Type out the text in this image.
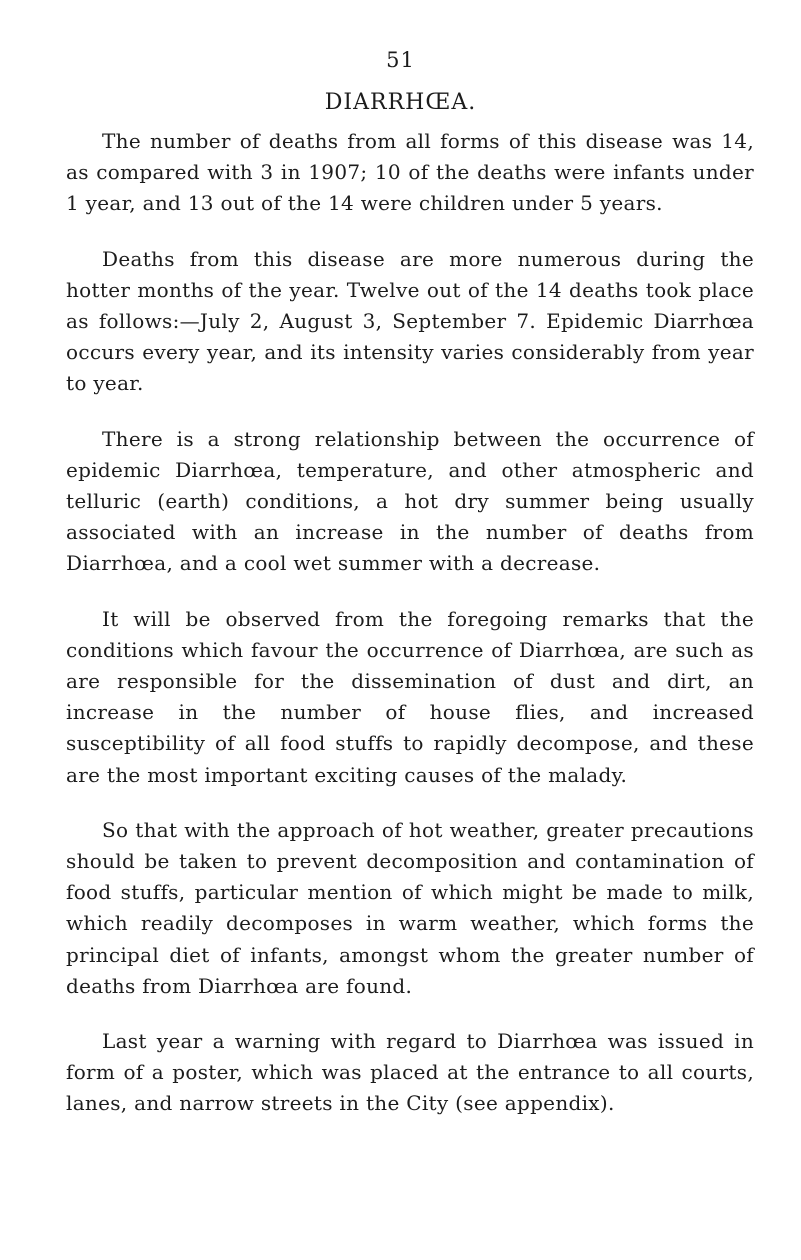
51
DIARRHŒA.

The number of deaths from all forms of this disease was 14, as compared with 3 in 1907; 10 of the deaths were infants under 1 year, and 13 out of the 14 were children under 5 years.

Deaths from this disease are more numerous during the hotter months of the year. Twelve out of the 14 deaths took place as follows:—July 2, August 3, September 7. Epidemic Diarrhœa occurs every year, and its intensity varies considerably from year to year.

There is a strong relationship between the occurrence of epidemic Diarrhœa, temperature, and other atmospheric and telluric (earth) conditions, a hot dry summer being usually associated with an increase in the number of deaths from Diarrhœa, and a cool wet summer with a decrease.

It will be observed from the foregoing remarks that the conditions which favour the occurrence of Diarrhœa, are such as are responsible for the dissemination of dust and dirt, an increase in the number of house flies, and increased susceptibility of all food stuffs to rapidly decompose, and these are the most important exciting causes of the malady.

So that with the approach of hot weather, greater precautions should be taken to prevent decomposition and contamination of food stuffs, particular mention of which might be made to milk, which readily decomposes in warm weather, which forms the principal diet of infants, amongst whom the greater number of deaths from Diarrhœa are found.

Last year a warning with regard to Diarrhœa was issued in form of a poster, which was placed at the entrance to all courts, lanes, and narrow streets in the City (see appendix).
